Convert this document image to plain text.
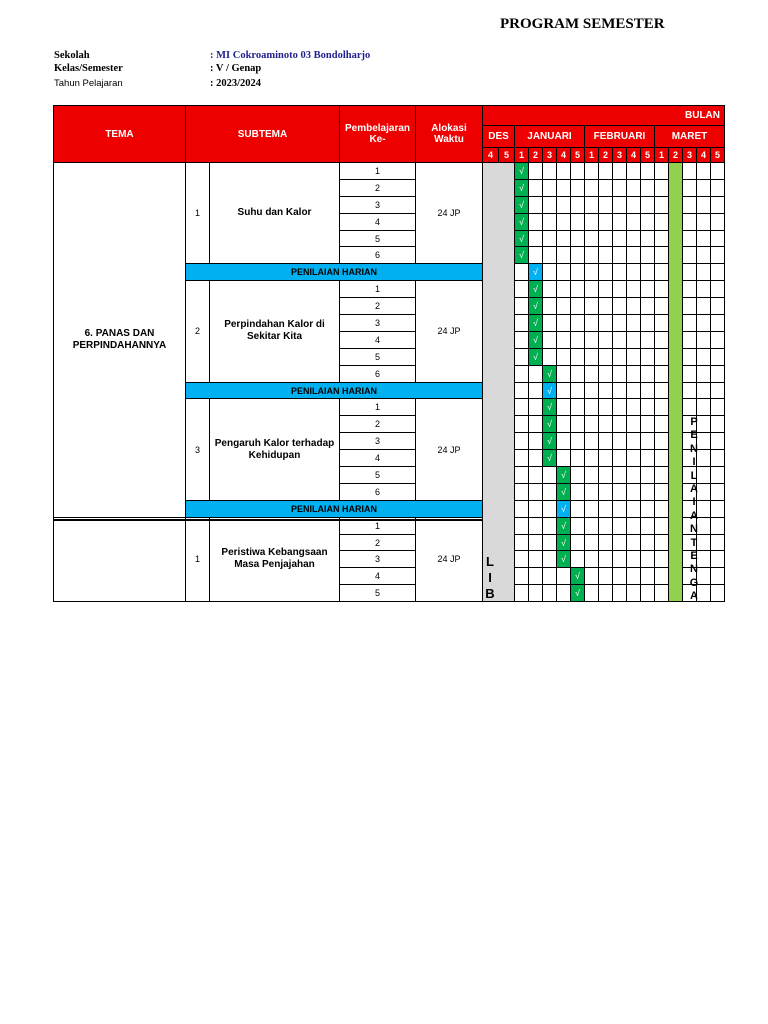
PROGRAM SEMESTER
Sekolah	: MI Cokroaminoto 03 Bondolharjo
Kelas/Semester	: V / Genap
Tahun Pelajaran	: 2023/2024
TEMA	SUBTEMA		Pembelajaran Ke-	Alokasi Waktu	BULAN																
					DES		JANUARI					FEBRUARI					MARET				
					4	5	1	2	3	4	5	1	2	3	4	5	1	2	3	4	5
6. PANAS DAN PERPINDAHANNYA	1	Suhu dan Kalor	1	24 JP			√														
			2				√														
			3				√														
			4				√														
			5				√														
			6				√														
	PENILAIAN HARIAN							√													
	2	Perpindahan Kalor di Sekitar Kita	1	24 JP				√													
			2					√													
			3					√													
			4					√													
			5					√													
			6						√												
	PENILAIAN HARIAN								√												
	3	Pengaruh Kalor terhadap Kehidupan	1	24 JP					√												
			2						√												
			3						√												
			4						√												
			5							√											
			6							√											
	PENILAIAN HARIAN									√											
	1	Peristiwa Kebangsaan Masa Penjajahan	1	24 JP						√											
			2							√											
			3							√											
			4								√										
			5								√										
L
I
B
P
E
N
I
L
A
I
A
N
T
E
N
G
A
